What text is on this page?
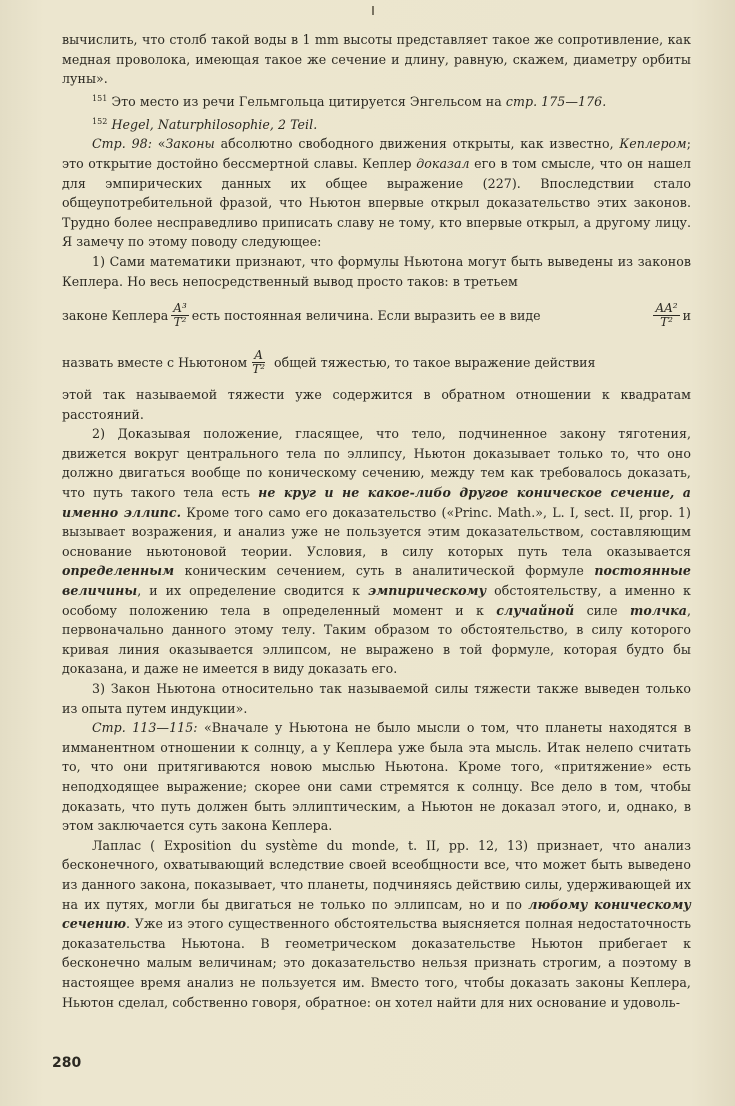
вычислить, что столб такой воды в 1 mm высоты представляет такое же сопротивление, как медная проволока, имеющая такое же сечение и длину, равную, скажем, диаметру орбиты луны».

$^{151}$ Это место из речи Гельмгольца цитируется Энгельсом на стр. 175—176.

$^{152}$ Hegel, Naturphilosophie, 2 Teil.

Стр. 98: «Законы абсолютно свободного движения открыты, как известно, Кеплером; это открытие достойно бессмертной славы. Кеплер доказал его в том смысле, что он нашел для эмпирических данных их общее выражение (227). Впоследствии стало общеупотребительной фразой, что Ньютон впервые открыл доказательство этих законов. Трудно более несправедливо приписать славу не тому, кто впервые открыл, а другому лицу. Я замечу по этому поводу следующее:

1) Сами математики признают, что формулы Ньютона могут быть выведены из законов Кеплера. Но весь непосредственный вывод просто таков: в третьем

законе Кеплера $\frac{\text{A³}}{\text{T²}}$ есть постоянная величина. Если выразить ее в виде	$\frac{\text{AA²}}{\text{T²}}$ и
назвать вместе с Ньютоном $\frac{A}{\text{T²}}$ общей тяжестью, то такое выражение действия

этой так называемой тяжести уже содержится в обратном отношении к квадратам расстояний.

2) Доказывая положение, гласящее, что тело, подчиненное закону тяготения, движется вокруг центрального тела по эллипсу, Ньютон доказывает только то, что оно должно двигаться вообще по коническому сечению, между тем как требовалось доказать, что путь такого тела есть не круг и не какое-либо другое коническое сечение, а именно эллипс. Кроме того само его доказательство («Princ. Math.», L. I, sect. II, prop. 1) вызывает возражения, и анализ уже не пользуется этим доказательством, составляющим основание ньютоновой теории. Условия, в силу которых путь тела оказывается определенным коническим сечением, суть в аналитической формуле постоянные величины, и их определение сводится к эмпирическому обстоятельству, а именно к особому положению тела в определенный момент и к случайной силе толчка, первоначально данного этому телу. Таким образом то обстоятельство, в силу которого кривая линия оказывается эллипсом, не выражено в той формуле, которая будто бы доказана, и даже не имеется в виду доказать его.

3) Закон Ньютона относительно так называемой силы тяжести также выведен только из опыта путем индукции».

Стр. 113—115: «Вначале у Ньютона не было мысли о том, что планеты находятся в имманентном отношении к солнцу, а у Кеплера уже была эта мысль. Итак нелепо считать то, что они притягиваются новою мыслью Ньютона. Кроме того, «притяжение» есть неподходящее выражение; скорее они сами стремятся к солнцу. Все дело в том, чтобы доказать, что путь должен быть эллиптическим, а Ньютон не доказал этого, и, однако, в этом заключается суть закона Кеплера.

Лаплас ( Exposition du système du monde, t. II, pp. 12, 13) признает, что анализ бесконечного, охватывающий вследствие своей всеобщности все, что может быть выведено из данного закона, показывает, что планеты, подчиняясь действию силы, удерживающей их на их путях, могли бы двигаться не только по эллипсам, но и по любому коническому сечению. Уже из этого существенного обстоятельства выясняется полная недостаточность доказательства Ньютона. В геометрическом доказательстве Ньютон прибегает к бесконечно малым величинам; это доказательство нельзя признать строгим, а поэтому в настоящее время анализ не пользуется им. Вместо того, чтобы доказать законы Кеплера, Ньютон сделал, собственно говоря, обратное: он хотел найти для них основание и удоволь-

280
